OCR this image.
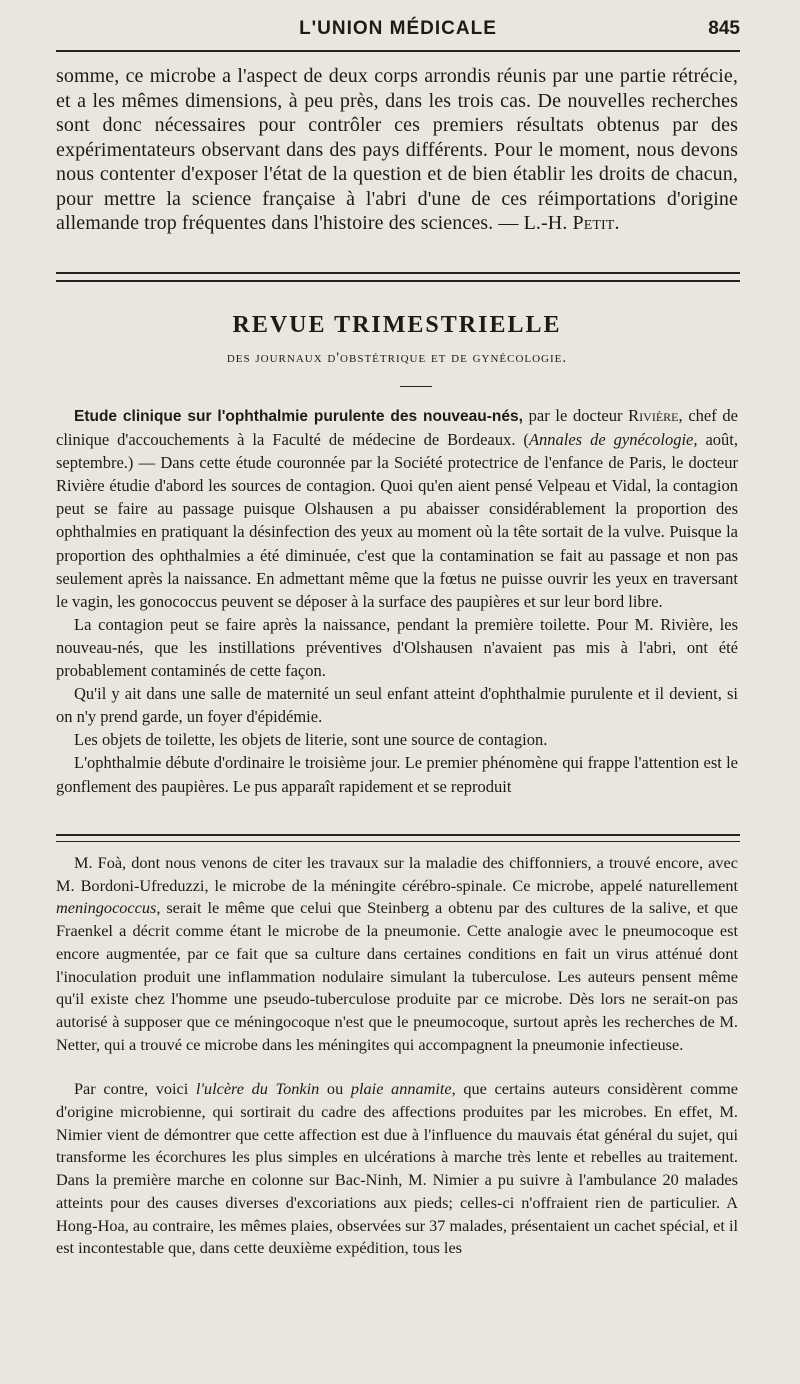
L'UNION MÉDICALE	845

somme, ce microbe a l'aspect de deux corps arrondis réunis par une partie rétrécie, et a les mêmes dimensions, à peu près, dans les trois cas. De nouvelles recherches sont donc nécessaires pour contrôler ces premiers résultats obtenus par des expérimentateurs observant dans des pays différents. Pour le moment, nous devons nous contenter d'exposer l'état de la question et de bien établir les droits de chacun, pour mettre la science française à l'abri d'une de ces réimportations d'origine allemande trop fréquentes dans l'histoire des sciences. — L.-H. Petit.

REVUE TRIMESTRIELLE
des journaux d'obstétrique et de gynécologie.

Etude clinique sur l'ophthalmie purulente des nouveau-nés, par le docteur Rivière, chef de clinique d'accouchements à la Faculté de médecine de Bordeaux. (Annales de gynécologie, août, septembre.) — Dans cette étude couronnée par la Société protectrice de l'enfance de Paris, le docteur Rivière étudie d'abord les sources de contagion. Quoi qu'en aient pensé Velpeau et Vidal, la contagion peut se faire au passage puisque Olshausen a pu abaisser considérablement la proportion des ophthalmies en pratiquant la désinfection des yeux au moment où la tête sortait de la vulve. Puisque la proportion des ophthalmies a été diminuée, c'est que la contamination se fait au passage et non pas seulement après la naissance. En admettant même que la fœtus ne puisse ouvrir les yeux en traversant le vagin, les gonococcus peuvent se déposer à la surface des paupières et sur leur bord libre.

La contagion peut se faire après la naissance, pendant la première toilette. Pour M. Rivière, les nouveau-nés, que les instillations préventives d'Olshausen n'avaient pas mis à l'abri, ont été probablement contaminés de cette façon.

Qu'il y ait dans une salle de maternité un seul enfant atteint d'ophthalmie purulente et il devient, si on n'y prend garde, un foyer d'épidémie.

Les objets de toilette, les objets de literie, sont une source de contagion.

L'ophthalmie débute d'ordinaire le troisième jour. Le premier phénomène qui frappe l'attention est le gonflement des paupières. Le pus apparaît rapidement et se reproduit

M. Foà, dont nous venons de citer les travaux sur la maladie des chiffonniers, a trouvé encore, avec M. Bordoni-Ufreduzzi, le microbe de la méningite cérébro-spinale. Ce microbe, appelé naturellement meningococcus, serait le même que celui que Steinberg a obtenu par des cultures de la salive, et que Fraenkel a décrit comme étant le microbe de la pneumonie. Cette analogie avec le pneumocoque est encore augmentée, par ce fait que sa culture dans certaines conditions en fait un virus atténué dont l'inoculation produit une inflammation nodulaire simulant la tuberculose. Les auteurs pensent même qu'il existe chez l'homme une pseudo-tuberculose produite par ce microbe. Dès lors ne serait-on pas autorisé à supposer que ce méningocoque n'est que le pneumocoque, surtout après les recherches de M. Netter, qui a trouvé ce microbe dans les méningites qui accompagnent la pneumonie infectieuse.

Par contre, voici l'ulcère du Tonkin ou plaie annamite, que certains auteurs considèrent comme d'origine microbienne, qui sortirait du cadre des affections produites par les microbes. En effet, M. Nimier vient de démontrer que cette affection est due à l'influence du mauvais état général du sujet, qui transforme les écorchures les plus simples en ulcérations à marche très lente et rebelles au traitement. Dans la première marche en colonne sur Bac-Ninh, M. Nimier a pu suivre à l'ambulance 20 malades atteints pour des causes diverses d'excoriations aux pieds; celles-ci n'offraient rien de particulier. A Hong-Hoa, au contraire, les mêmes plaies, observées sur 37 malades, présentaient un cachet spécial, et il est incontestable que, dans cette deuxième expédition, tous les
